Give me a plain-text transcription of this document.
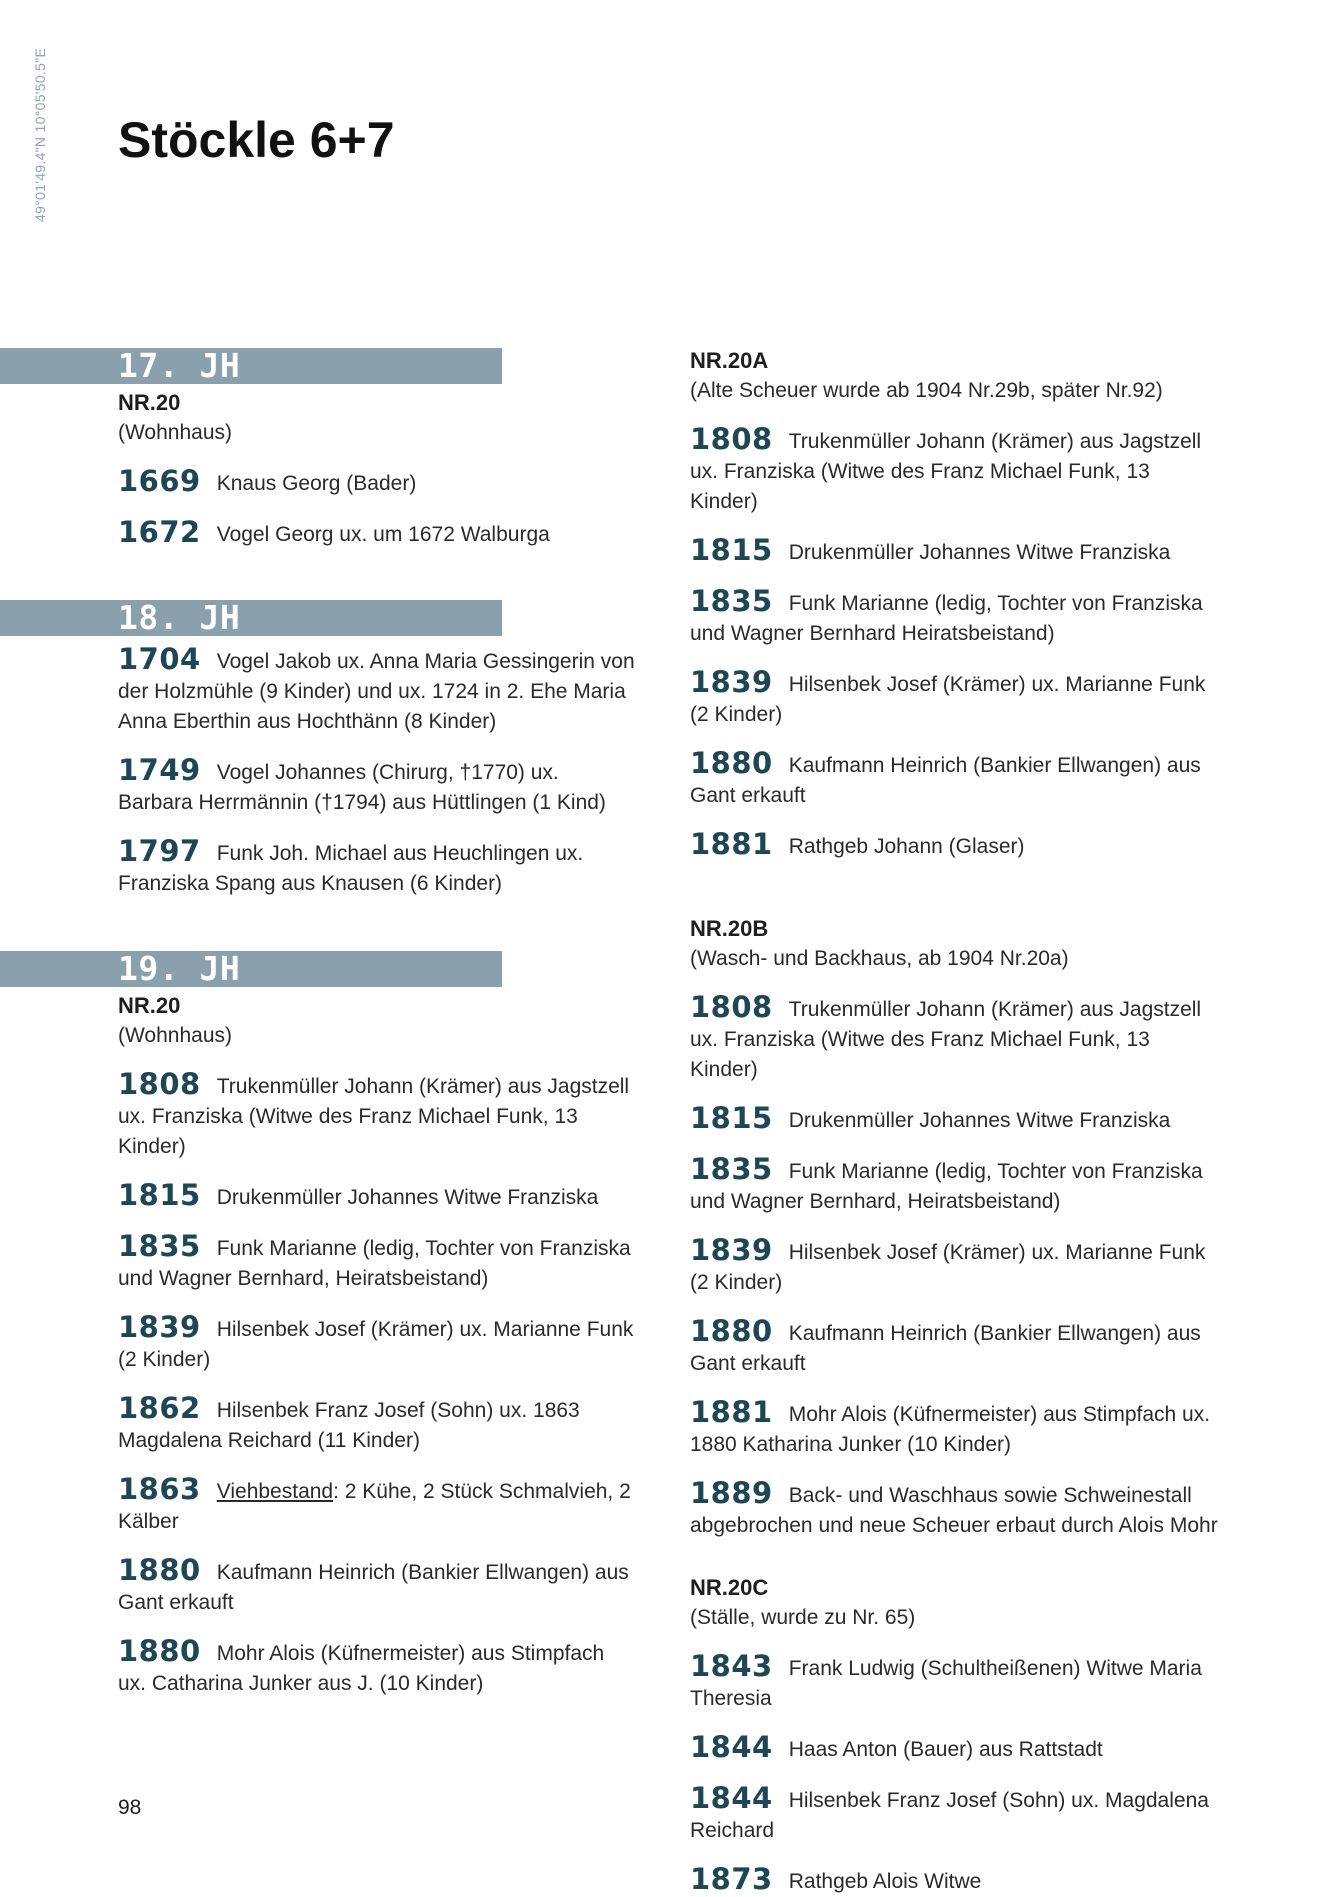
49°01'49.4"N 10°05'50.5"E Stöckle 6+7
17. JH
NR.20
(Wohnhaus)
1669 Knaus Georg (Bader)
1672 Vogel Georg ux. um 1672 Walburga
18. JH
1704 Vogel Jakob ux. Anna Maria Gessingerin von der Holzmühle (9 Kinder) und ux. 1724 in 2. Ehe Maria Anna Eberthin aus Hochthänn (8 Kinder)
1749 Vogel Johannes (Chirurg, †1770) ux. Barbara Herrmännin (†1794) aus Hüttlingen (1 Kind)
1797 Funk Joh. Michael aus Heuchlingen ux. Franziska Spang aus Knausen (6 Kinder)
19. JH
NR.20
(Wohnhaus)
1808 Trukenmüller Johann (Krämer) aus Jagstzell ux. Franziska (Witwe des Franz Michael Funk, 13 Kinder)
1815 Drukenmüller Johannes Witwe Franziska
1835 Funk Marianne (ledig, Tochter von Franziska und Wagner Bernhard, Heiratsbeistand)
1839 Hilsenbek Josef (Krämer) ux. Marianne Funk (2 Kinder)
1862 Hilsenbek Franz Josef (Sohn) ux. 1863 Magdalena Reichard (11 Kinder)
1863 Viehbestand: 2 Kühe, 2 Stück Schmalvieh, 2 Kälber
1880 Kaufmann Heinrich (Bankier Ellwangen) aus Gant erkauft
1880 Mohr Alois (Küfnermeister) aus Stimpfach ux. Catharina Junker aus J. (10 Kinder)
NR.20A
(Alte Scheuer wurde ab 1904 Nr.29b, später Nr.92)
1808 Trukenmüller Johann (Krämer) aus Jagstzell ux. Franziska (Witwe des Franz Michael Funk, 13 Kinder)
1815 Drukenmüller Johannes Witwe Franziska
1835 Funk Marianne (ledig, Tochter von Franziska und Wagner Bernhard Heiratsbeistand)
1839 Hilsenbek Josef (Krämer) ux. Marianne Funk (2 Kinder)
1880 Kaufmann Heinrich (Bankier Ellwangen) aus Gant erkauft
1881 Rathgeb Johann (Glaser)
NR.20B
(Wasch- und Backhaus, ab 1904 Nr.20a)
1808 Trukenmüller Johann (Krämer) aus Jagstzell ux. Franziska (Witwe des Franz Michael Funk, 13 Kinder)
1815 Drukenmüller Johannes Witwe Franziska
1835 Funk Marianne (ledig, Tochter von Franziska und Wagner Bernhard, Heiratsbeistand)
1839 Hilsenbek Josef (Krämer) ux. Marianne Funk (2 Kinder)
1880 Kaufmann Heinrich (Bankier Ellwangen) aus Gant erkauft
1881 Mohr Alois (Küfnermeister) aus Stimpfach ux. 1880 Katharina Junker (10 Kinder)
1889 Back- und Waschhaus sowie Schweinestall abgebrochen und neue Scheuer erbaut durch Alois Mohr
NR.20C
(Ställe, wurde zu Nr. 65)
1843 Frank Ludwig (Schultheißenen) Witwe Maria Theresia
1844 Haas Anton (Bauer) aus Rattstadt
1844 Hilsenbek Franz Josef (Sohn) ux. Magdalena Reichard
1873 Rathgeb Alois Witwe
98
